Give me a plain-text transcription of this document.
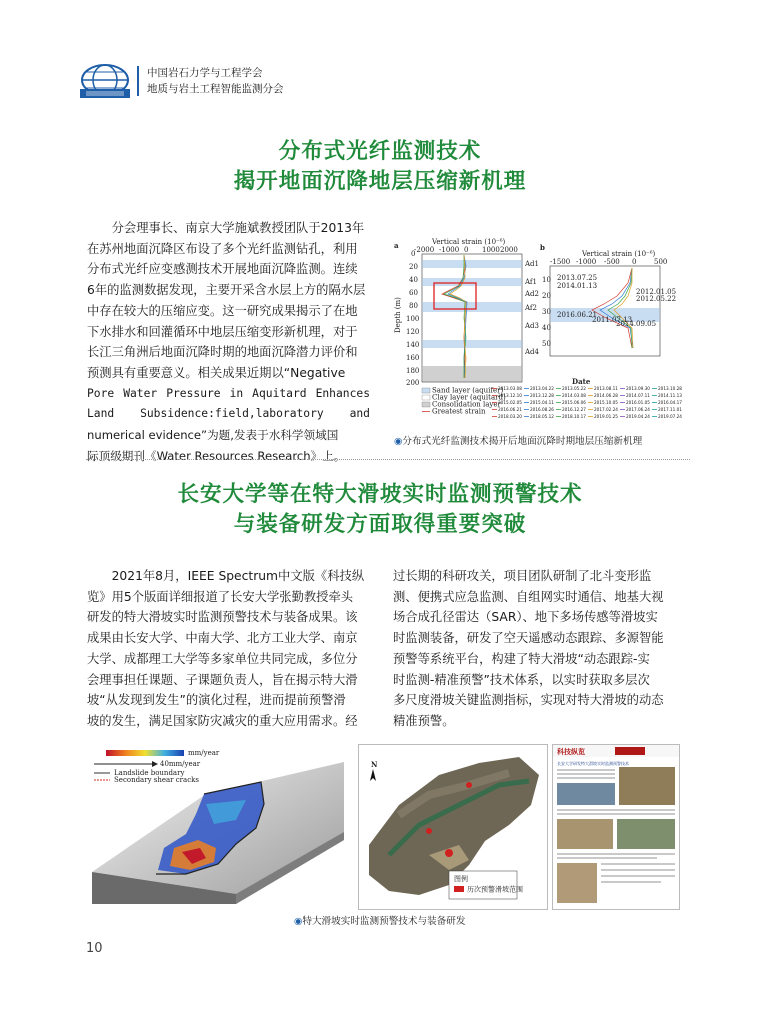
中国岩石力学与工程学会
地质与岩土工程智能监测分会
分布式光纤监测技术
揭开地面沉降地层压缩新机理
分会理事长、南京大学施斌教授团队于2013年
在苏州地面沉降区布设了多个光纤监测钻孔，利用
分布式光纤应变感测技术开展地面沉降监测。连续
6年的监测数据发现，主要开采含水层上方的隔水层
中存在较大的压缩应变。这一研究成果揭示了在地
下水排水和回灌循环中地层压缩变形新机理，对于
长江三角洲后地面沉降时期的地面沉降潜力评价和
预测具有重要意义。相关成果近期以“Negative
Pore Water Pressure in Aquitard Enhances
Land Subsidence:field,laboratory and
numerical evidence”为题,发表于水科学领域国
际顶级期刊《Water Resources Research》上。
a	Vertical strain (10⁻⁶)
-2000 -1000 0 1000 2000
0
20
40
60
80
100
120
140
160
180
200
Depth (m)
Ad1
Af1
Ad2
Af2
Ad3
Ad4
b
Vertical strain (10⁻⁶)
-1500 -1000 -500 0	500
10
20
30
40
50
2013.07.25
2014.01.13
2012.01.05
2012.05.22
2016.06.21
2011.07.13
2014.09.05
Sand layer (aquifer)
Clay layer (aquitard)
Consolidation layer
Greatest strain
Date
2013.03.08 2013.04.22 2013.05.22 2013.08.11 2013.09.30 2013.10.28
2013.12.10 2013.12.28 2014.03.08 2014.06.28 2014.07.11 2014.11.13
2015.02.05 2015.04.11 2015.06.06 2015.10.05 2016.01.05 2016.04.17
2016.06.21 2016.08.26 2016.12.27 2017.02.24 2017.06.24 2017.11.01
2018.03.20 2018.05.12 2018.10.17 2019.01.25 2019.04.24 2019.07.24
◉分布式光纤监测技术揭开后地面沉降时期地层压缩新机理
长安大学等在特大滑坡实时监测预警技术
与装备研发方面取得重要突破
2021年8月，IEEE Spectrum中文版《科技纵
览》用5个版面详细报道了长安大学张勤教授牵头
研发的特大滑坡实时监测预警技术与装备成果。该
成果由长安大学、中南大学、北方工业大学、南京
大学、成都理工大学等多家单位共同完成，多位分
会理事担任课题、子课题负责人，旨在揭示特大滑
坡“从发现到发生”的演化过程，进而提前预警滑
坡的发生，满足国家防灾减灾的重大应用需求。经
过长期的科研攻关，项目团队研制了北斗变形监
测、便携式应急监测、自组网实时通信、地基大视
场合成孔径雷达（SAR）、地下多场传感等滑坡实
时监测装备，研发了空天遥感动态跟踪、多源智能
预警等系统平台，构建了特大滑坡“动态跟踪-实
时监测-精准预警”技术体系，以实时获取多层次
多尺度滑坡关键监测指标，实现对特大滑坡的动态
精准预警。
mm/year
40mm/year
Landslide boundary
Secondary shear cracks
N
图例
历次预警滑坡范围
科技纵览
长安大学研发特大滑坡实时监测预警技术
◉特大滑坡实时监测预警技术与装备研发
10
